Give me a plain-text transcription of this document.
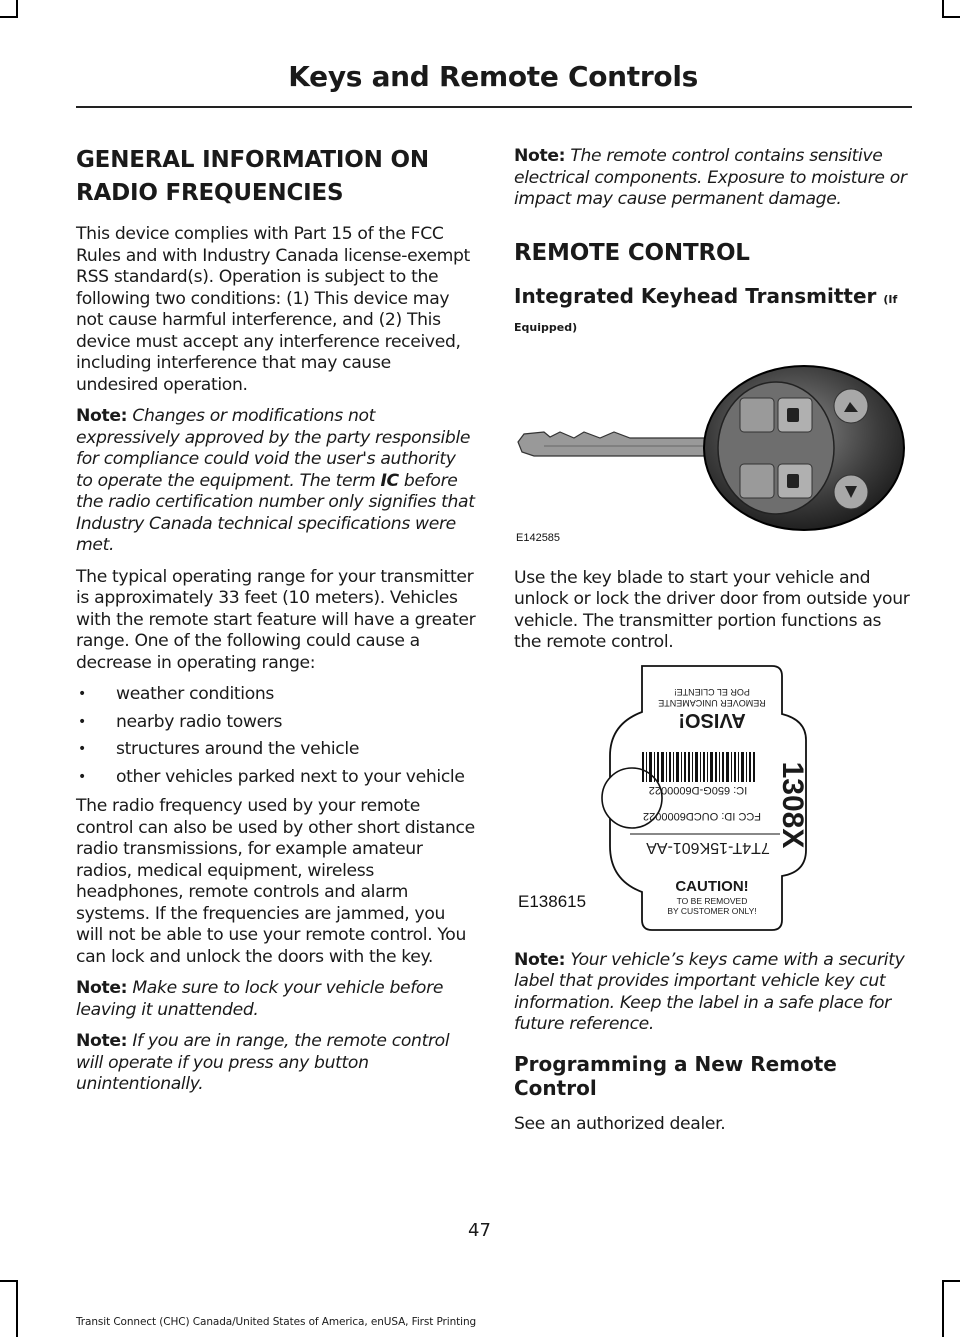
Keys and Remote Controls
GENERAL INFORMATION ON
RADIO FREQUENCIES

This device complies with Part 15 of the FCC Rules and with Industry Canada license-exempt RSS standard(s). Operation is subject to the following two conditions: (1) This device may not cause harmful interference, and (2) This device must accept any interference received, including interference that may cause undesired operation.

Note: Changes or modifications not expressively approved by the party responsible for compliance could void the user's authority to operate the equipment. The term IC before the radio certification number only signifies that Industry Canada technical specifications were met.

The typical operating range for your transmitter is approximately 33 feet (10 meters). Vehicles with the remote start feature will have a greater range. One of the following could cause a decrease in operating range:

• weather conditions
• nearby radio towers
• structures around the vehicle
• other vehicles parked next to your vehicle

The radio frequency used by your remote control can also be used by other short distance radio transmissions, for example amateur radios, medical equipment, wireless headphones, remote controls and alarm systems. If the frequencies are jammed, you will not be able to use your remote control. You can lock and unlock the doors with the key.

Note: Make sure to lock your vehicle before leaving it unattended.

Note: If you are in range, the remote control will operate if you press any button unintentionally.

Note: The remote control contains sensitive electrical components. Exposure to moisture or impact may cause permanent damage.

REMOTE CONTROL
Integrated Keyhead Transmitter (If
Equipped)
E142585

Use the key blade to start your vehicle and unlock or lock the driver door from outside your vehicle. The transmitter portion functions as the remote control.

AVISO!
REMOVER UNICAMENTE
POR EL CLIENTE!
IC: 650G-D6000022
FCC ID: OUCD6000022
7T4T-15K601-AA 1308X
CAUTION!
TO BE REMOVED
BY CUSTOMER ONLY!
E138615

Note: Your vehicle’s keys came with a security label that provides important vehicle key cut information. Keep the label in a safe place for future reference.

Programming a New Remote Control

See an authorized dealer.

47
Transit Connect (CHC) Canada/United States of America, enUSA, First Printing
